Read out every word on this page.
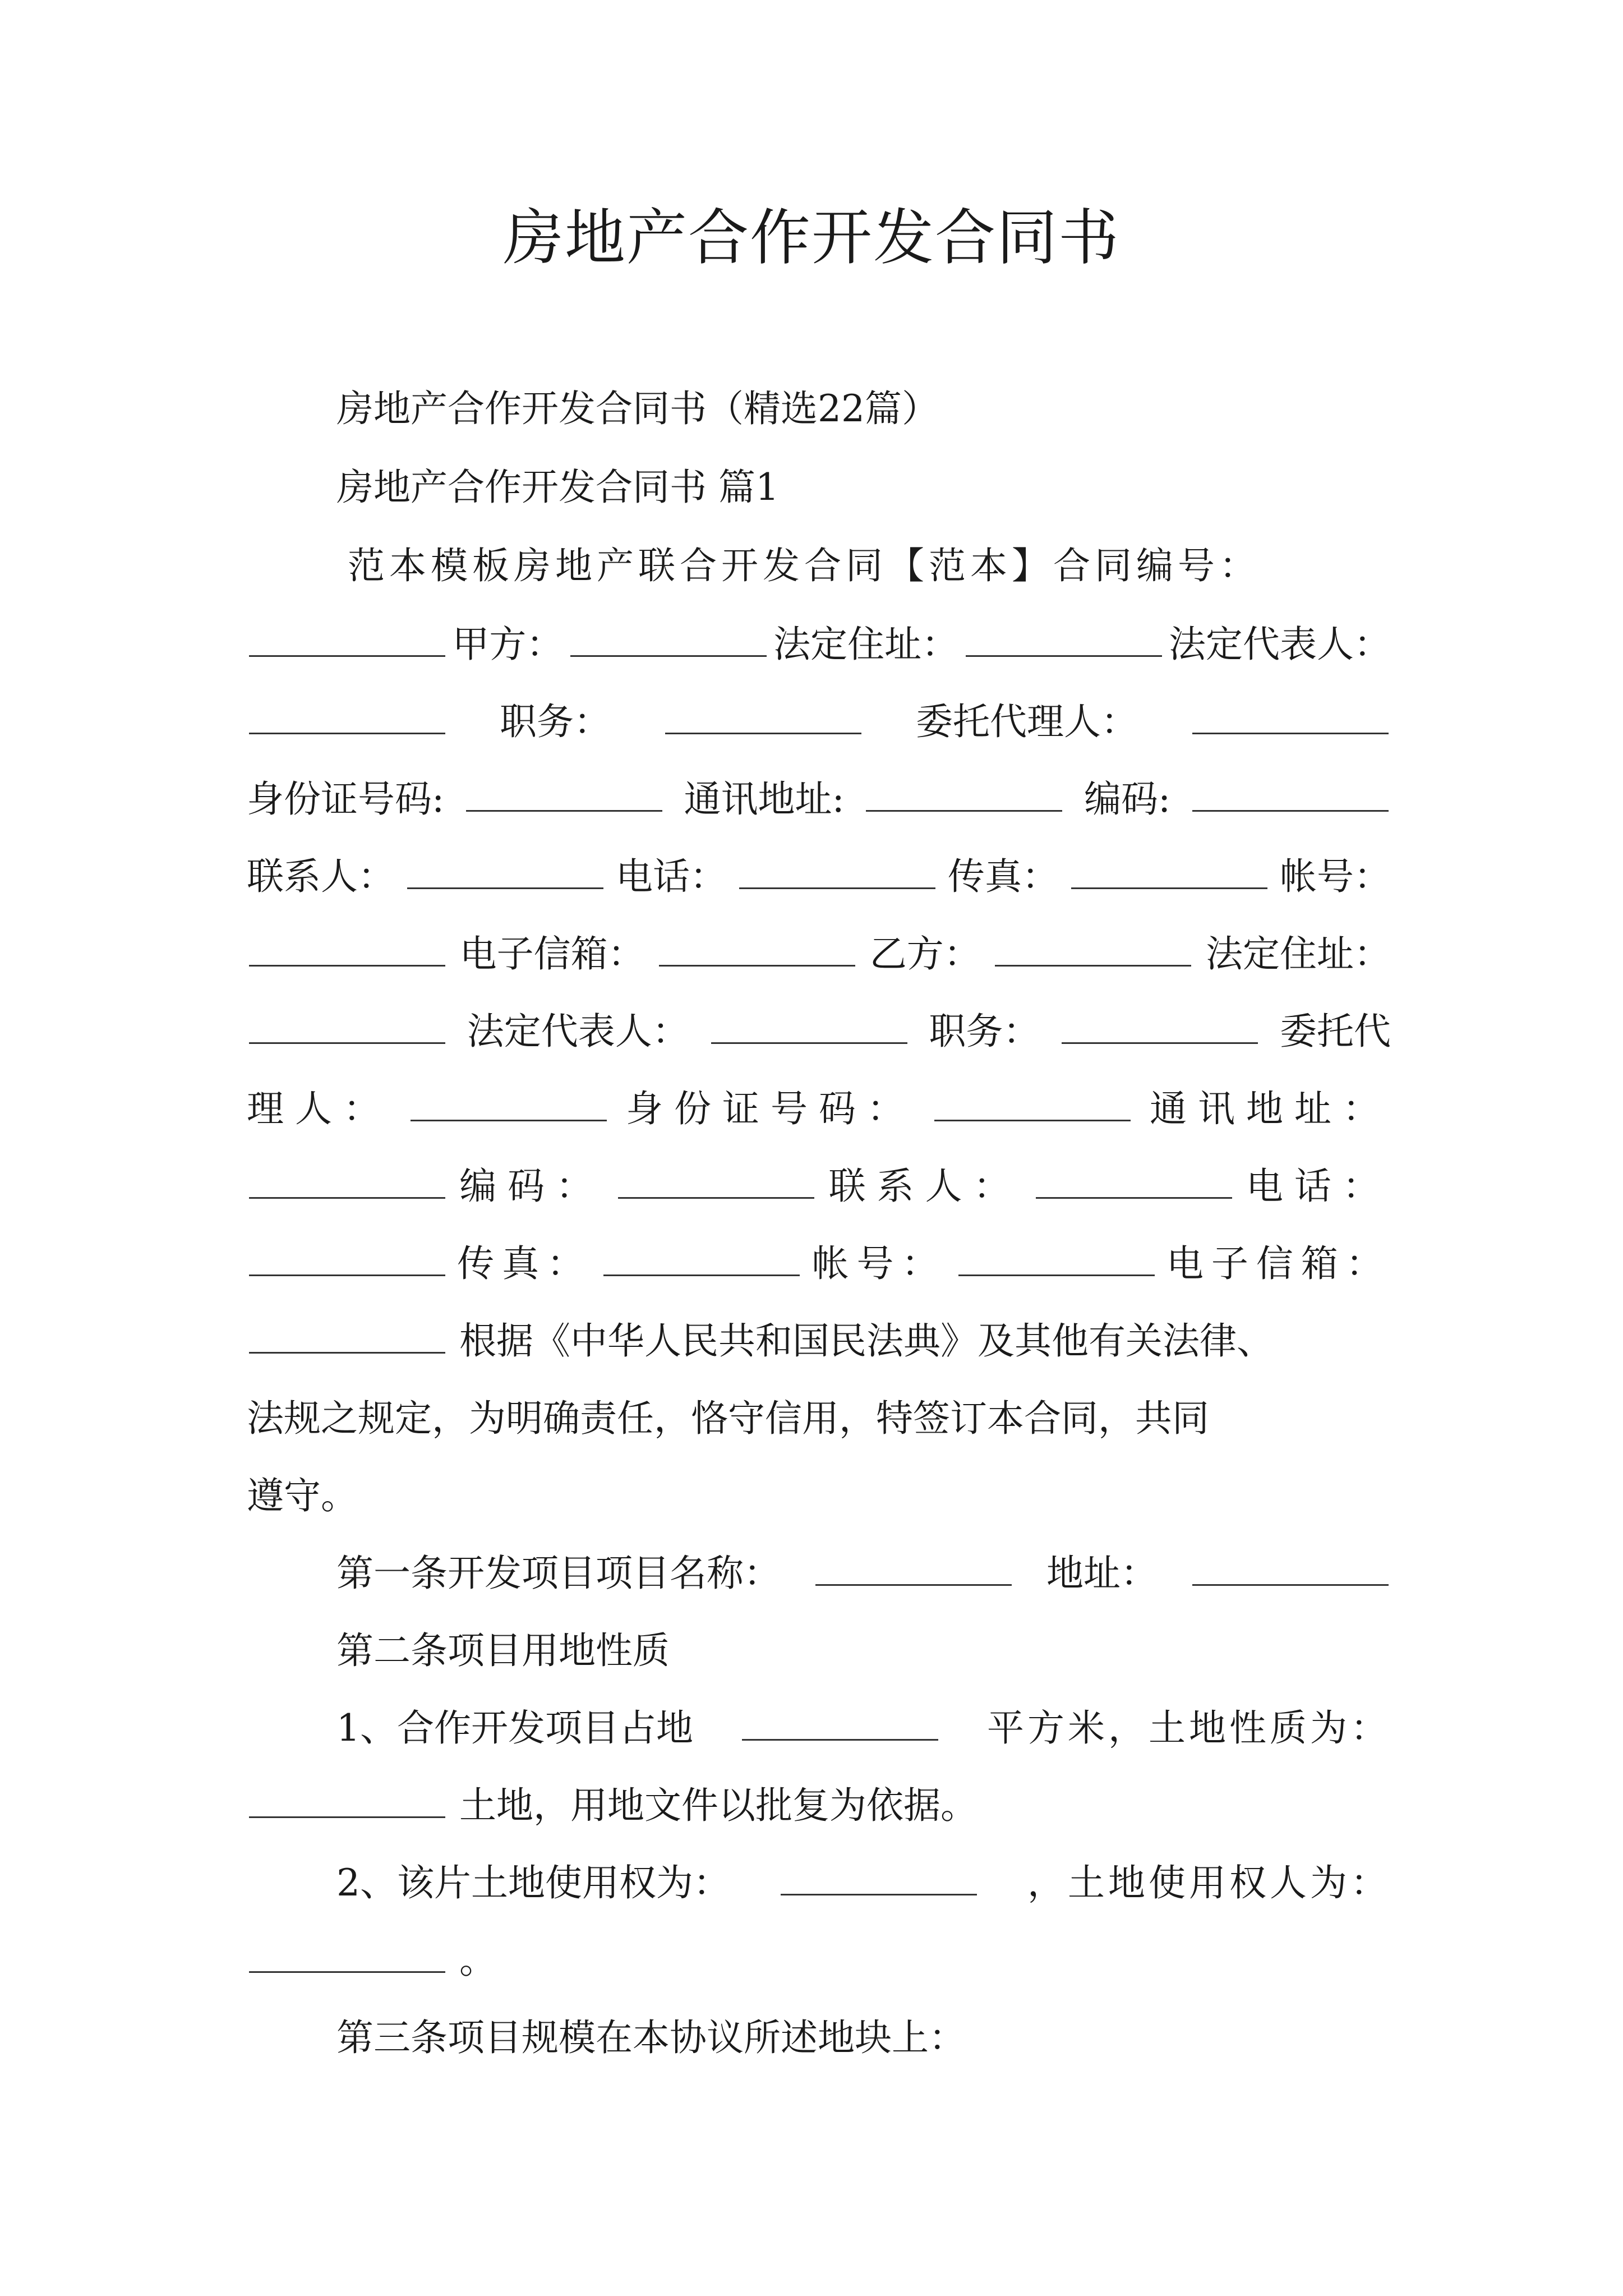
房地产合作开发合同书
房地产合作开发合同书（精选22篇）
房地产合作开发合同书 篇1
范本模板房地产联合开发合同【范本】合同编号：
甲方：	法定住址：	法定代表人：
职务：	委托代理人：
身份证号码:	通讯地址:	编码:
联系人：	电话：	传真：	帐号：
电子信箱：	乙方：	法定住址：
法定代表人：	职务：	委托代
理人：	身份证号码：	通讯地址：
编码：	联系人：	电话：
传真：	帐号：	电子信箱：
根据《中华人民共和国民法典》及其他有关法律、
法规之规定，为明确责任，恪守信用，特签订本合同，共同
遵守。
第一条开发项目项目名称：	地址：
第二条项目用地性质
1、合作开发项目占地	平方米，土地性质为：
土地，用地文件以批复为依据。
2、该片土地使用权为：	，土地使用权人为：
。
第三条项目规模在本协议所述地块上：
